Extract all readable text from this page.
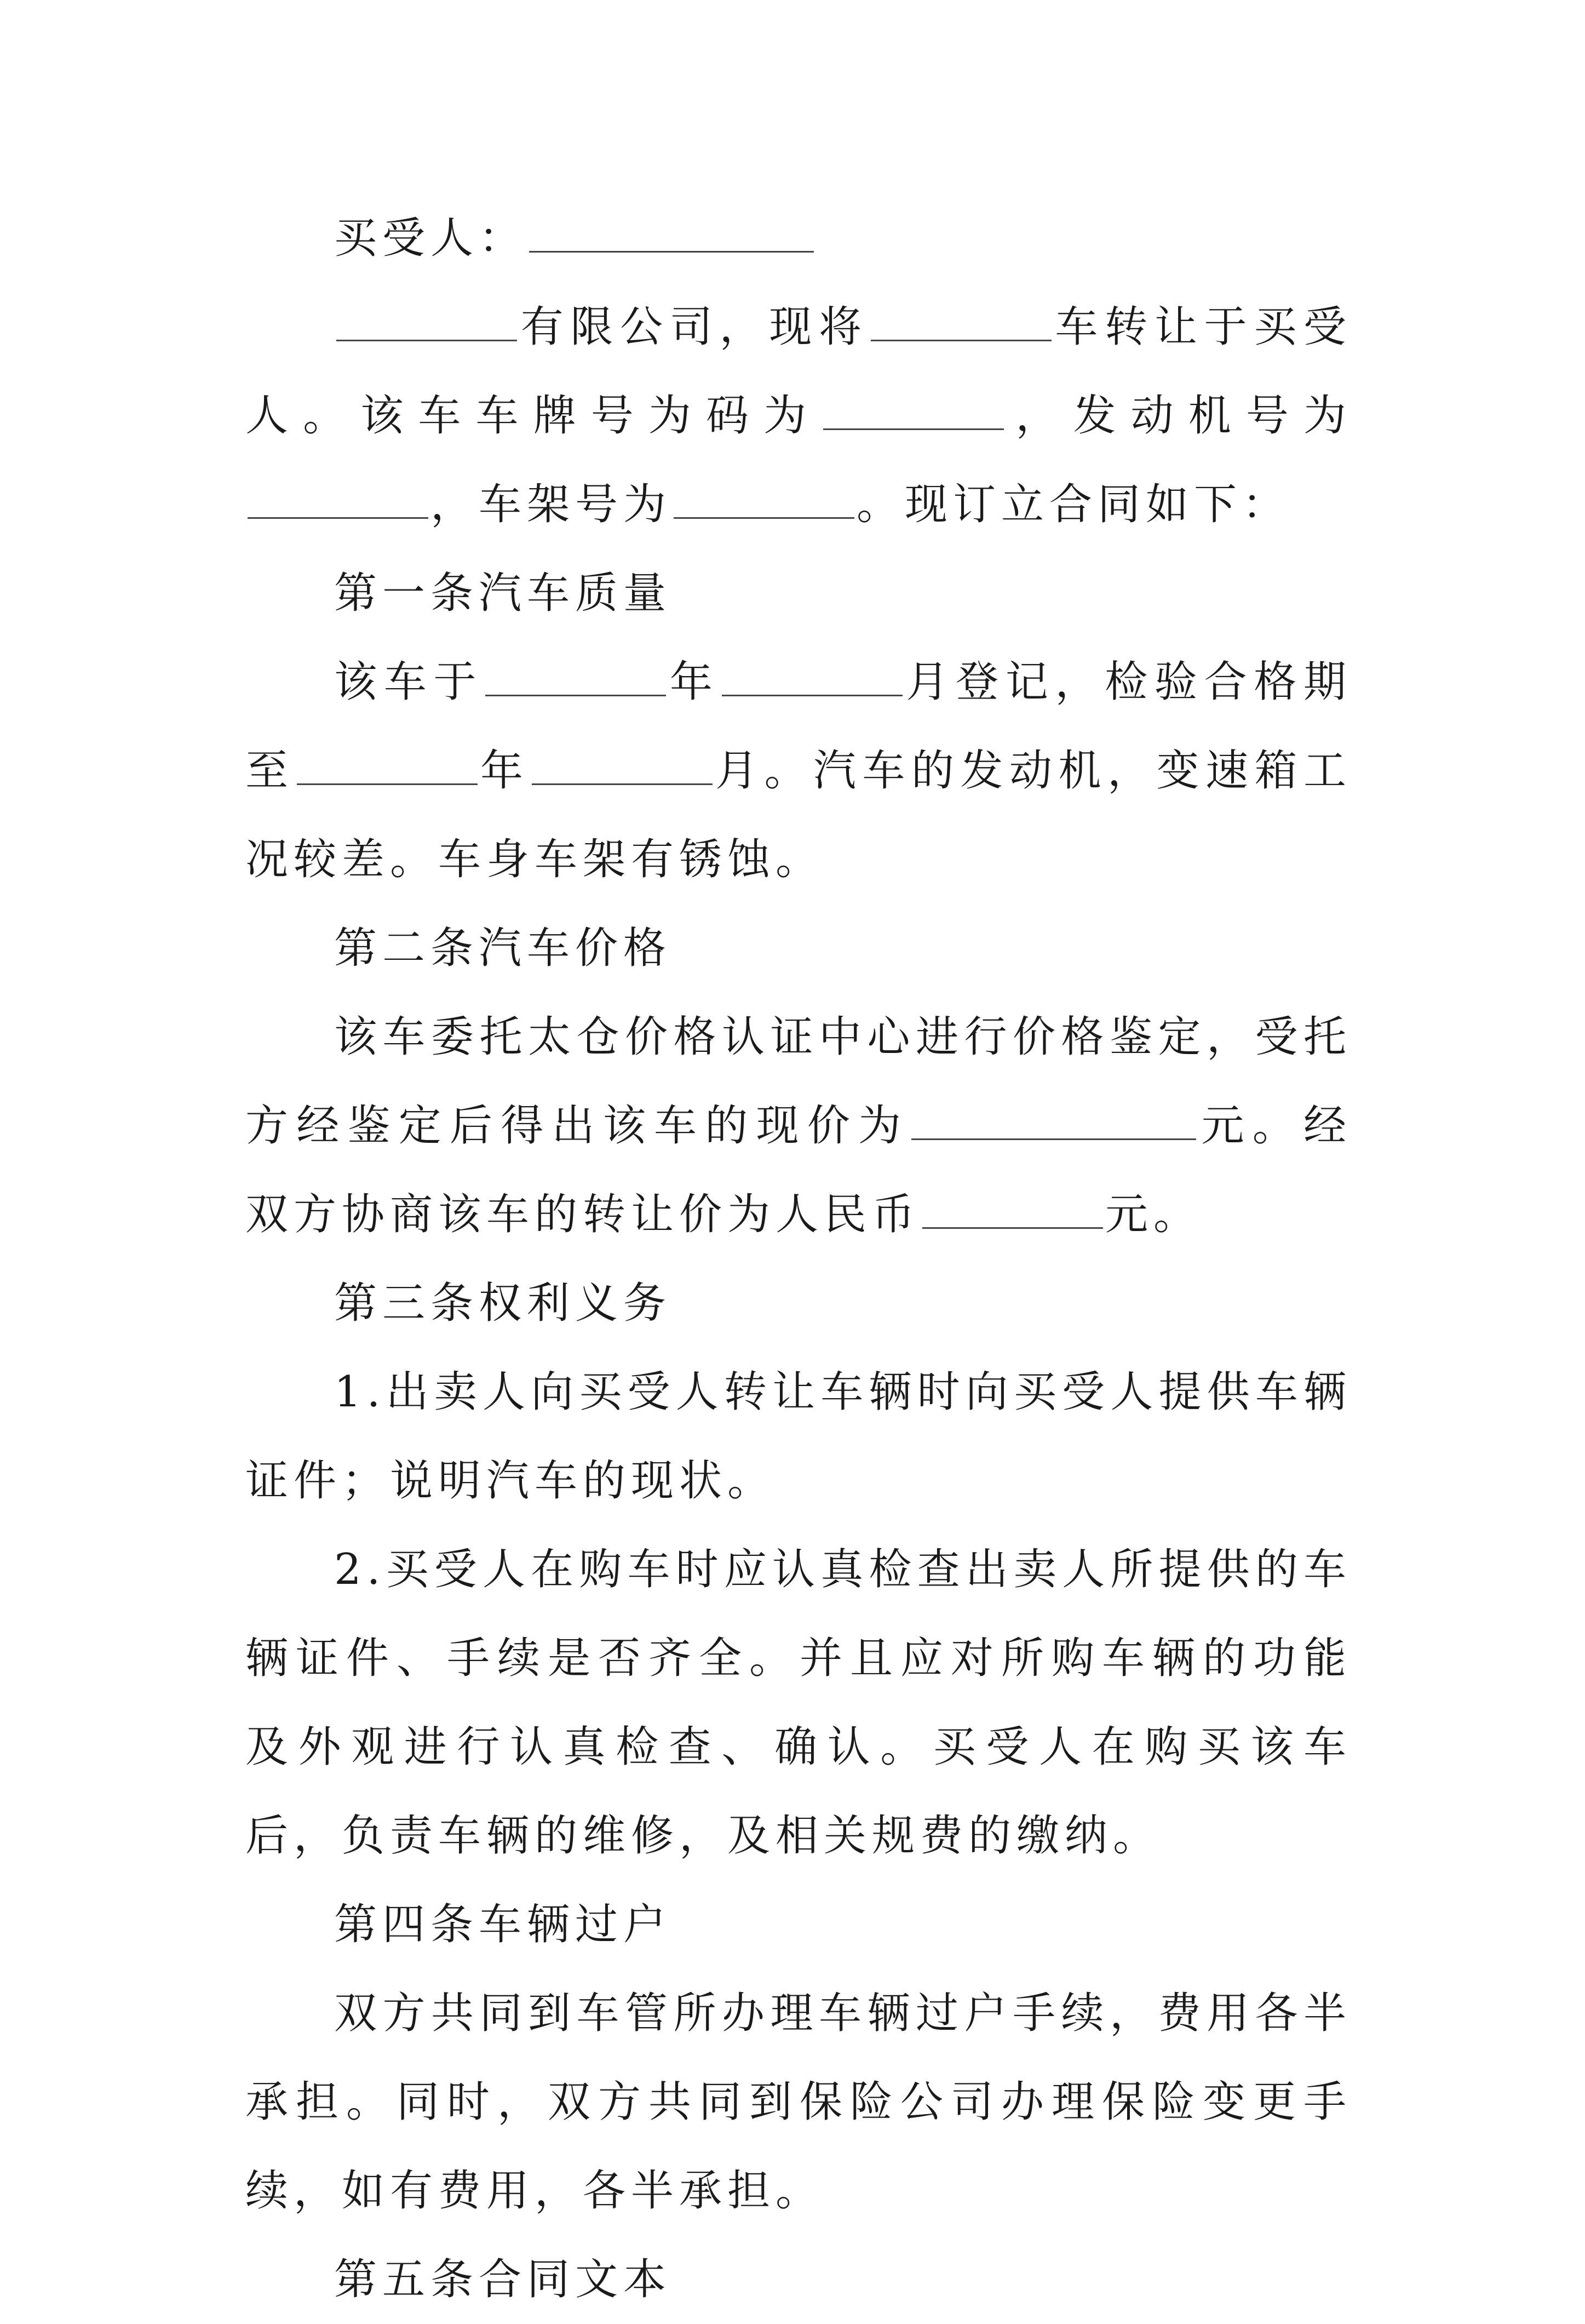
买受人：

有限公司，现将	车转让于买受人。该车车牌号为码为	，发动机号为，车架号为	。现订立合同如下：

第一条汽车质量

该车于	年	月登记，检验合格期至	年	月。汽车的发动机，变速箱工况较差。车身车架有锈蚀。

第二条汽车价格

该车委托太仓价格认证中心进行价格鉴定，受托方经鉴定后得出该车的现价为	元。经双方协商该车的转让价为人民币	元。

第三条权利义务

1.出卖人向买受人转让车辆时向买受人提供车辆证件；说明汽车的现状。

2.买受人在购车时应认真检查出卖人所提供的车辆证件、手续是否齐全。并且应对所购车辆的功能及外观进行认真检查、确认。买受人在购买该车后，负责车辆的维修，及相关规费的缴纳。

第四条车辆过户

双方共同到车管所办理车辆过户手续，费用各半承担。同时，双方共同到保险公司办理保险变更手续，如有费用，各半承担。

第五条合同文本
